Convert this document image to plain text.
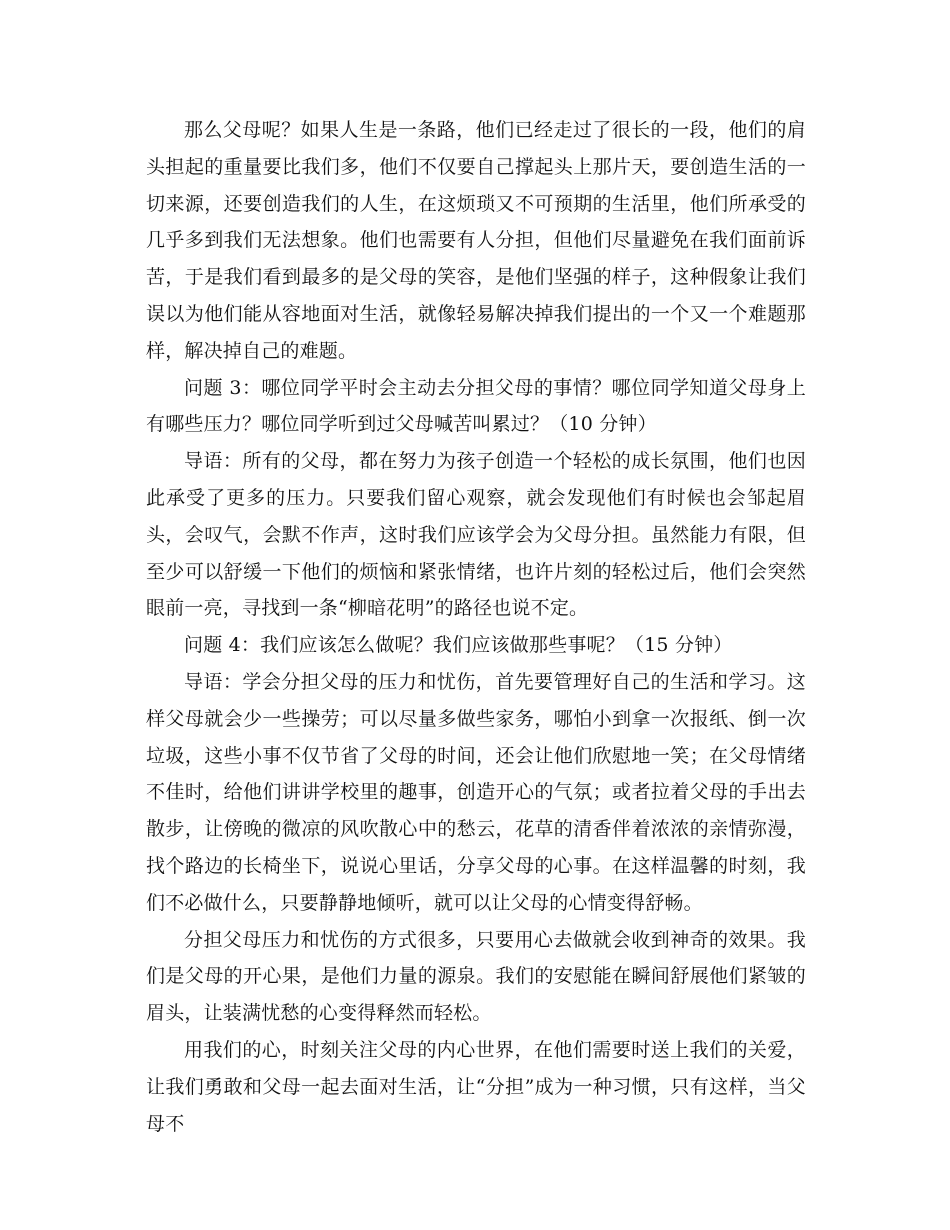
那么父母呢？如果人生是一条路，他们已经走过了很长的一段，他们的肩头担起的重量要比我们多，他们不仅要自己撑起头上那片天，要创造生活的一切来源，还要创造我们的人生，在这烦琐又不可预期的生活里，他们所承受的几乎多到我们无法想象。他们也需要有人分担，但他们尽量避免在我们面前诉苦，于是我们看到最多的是父母的笑容，是他们坚强的样子，这种假象让我们误以为他们能从容地面对生活，就像轻易解决掉我们提出的一个又一个难题那样，解决掉自己的难题。

问题 3：哪位同学平时会主动去分担父母的事情？哪位同学知道父母身上有哪些压力？哪位同学听到过父母喊苦叫累过？（10 分钟）

导语：所有的父母，都在努力为孩子创造一个轻松的成长氛围，他们也因此承受了更多的压力。只要我们留心观察，就会发现他们有时候也会邹起眉头，会叹气，会默不作声，这时我们应该学会为父母分担。虽然能力有限，但至少可以舒缓一下他们的烦恼和紧张情绪，也许片刻的轻松过后，他们会突然眼前一亮，寻找到一条“柳暗花明”的路径也说不定。

问题 4：我们应该怎么做呢？我们应该做那些事呢？（15 分钟）

导语：学会分担父母的压力和忧伤，首先要管理好自己的生活和学习。这样父母就会少一些操劳；可以尽量多做些家务，哪怕小到拿一次报纸、倒一次垃圾，这些小事不仅节省了父母的时间，还会让他们欣慰地一笑；在父母情绪不佳时，给他们讲讲学校里的趣事，创造开心的气氛；或者拉着父母的手出去散步，让傍晚的微凉的风吹散心中的愁云，花草的清香伴着浓浓的亲情弥漫，找个路边的长椅坐下，说说心里话，分享父母的心事。在这样温馨的时刻，我们不必做什么，只要静静地倾听，就可以让父母的心情变得舒畅。

分担父母压力和忧伤的方式很多，只要用心去做就会收到神奇的效果。我们是父母的开心果，是他们力量的源泉。我们的安慰能在瞬间舒展他们紧皱的眉头，让装满忧愁的心变得释然而轻松。

用我们的心，时刻关注父母的内心世界，在他们需要时送上我们的关爱，让我们勇敢和父母一起去面对生活，让“分担”成为一种习惯，只有这样，当父母不
